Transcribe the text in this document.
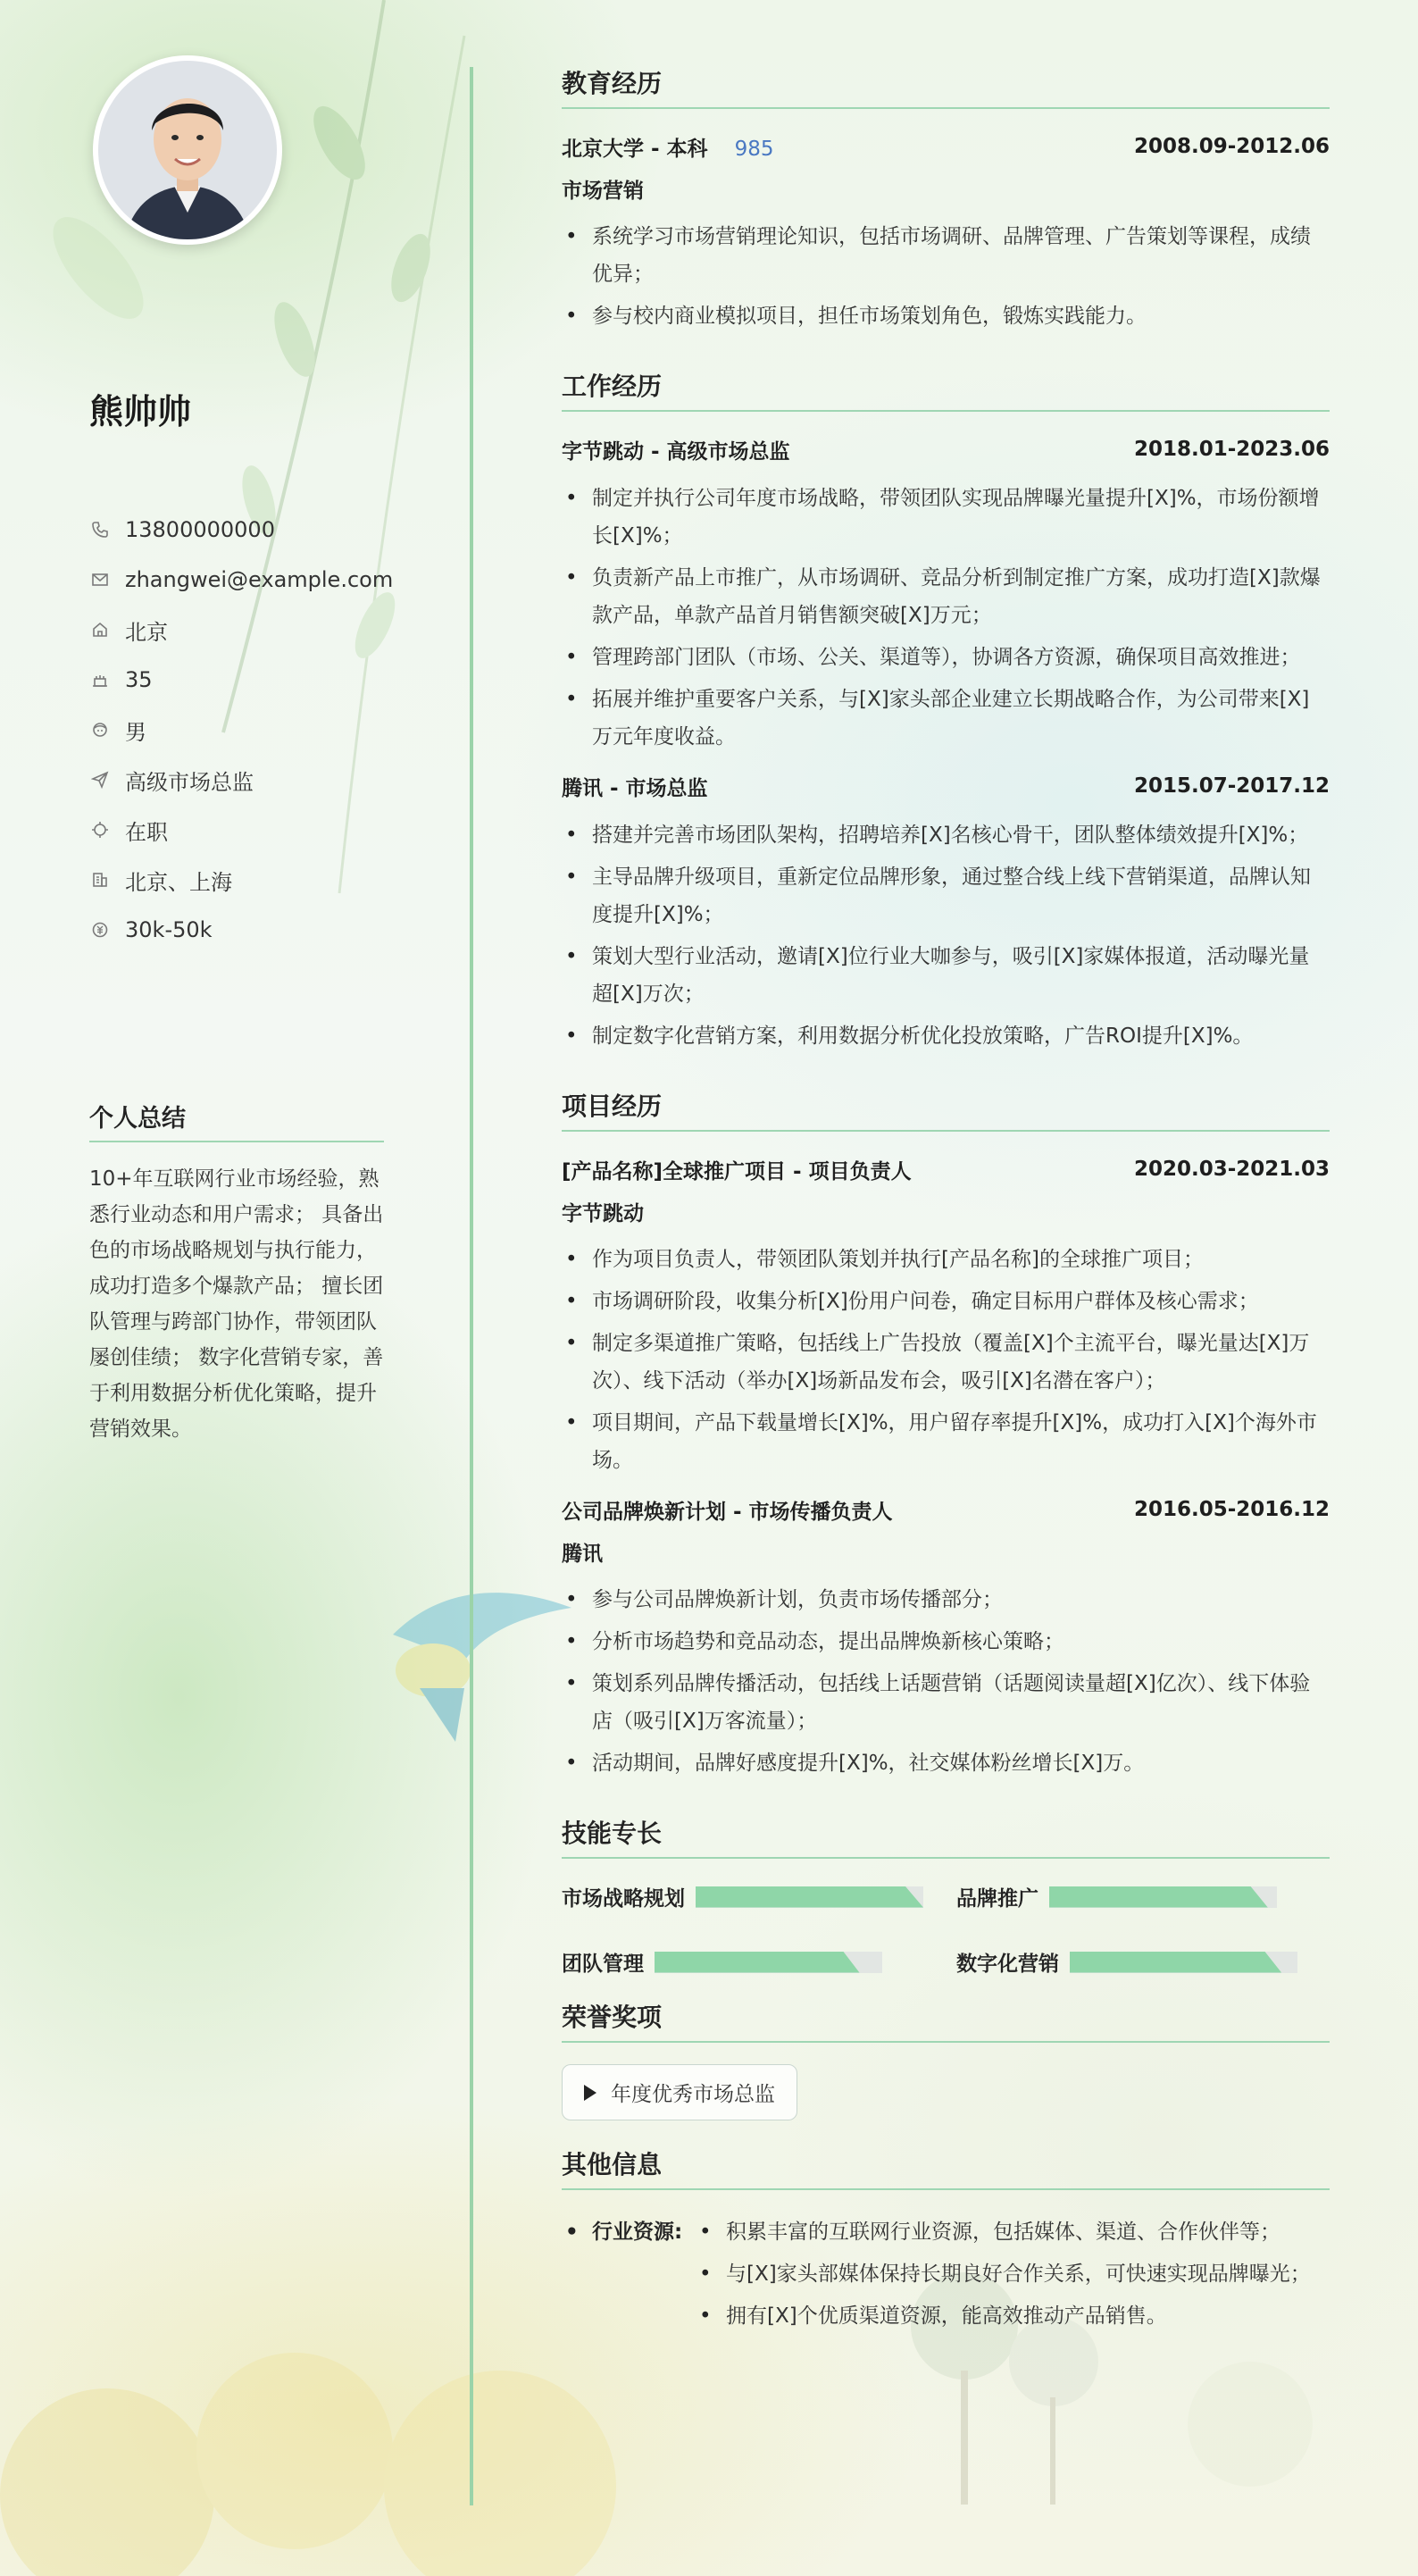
熊帅帅
13800000000
zhangwei@example.com
北京
35
男
高级市场总监
在职
北京、上海
30k-50k
个人总结
10+年互联网行业市场经验，熟悉行业动态和用户需求； 具备出色的市场战略规划与执行能力，成功打造多个爆款产品； 擅长团队管理与跨部门协作，带领团队屡创佳绩； 数字化营销专家，善于利用数据分析优化策略，提升营销效果。
教育经历
北京大学 - 本科 985	2008.09-2012.06
市场营销
• 系统学习市场营销理论知识，包括市场调研、品牌管理、广告策划等课程，成绩优异；
• 参与校内商业模拟项目，担任市场策划角色，锻炼实践能力。
工作经历
字节跳动 - 高级市场总监	2018.01-2023.06
• 制定并执行公司年度市场战略，带领团队实现品牌曝光量提升[X]%，市场份额增长[X]%；
• 负责新产品上市推广，从市场调研、竞品分析到制定推广方案，成功打造[X]款爆款产品，单款产品首月销售额突破[X]万元；
• 管理跨部门团队（市场、公关、渠道等），协调各方资源，确保项目高效推进；
• 拓展并维护重要客户关系，与[X]家头部企业建立长期战略合作，为公司带来[X]万元年度收益。
腾讯 - 市场总监	2015.07-2017.12
• 搭建并完善市场团队架构，招聘培养[X]名核心骨干，团队整体绩效提升[X]%；
• 主导品牌升级项目，重新定位品牌形象，通过整合线上线下营销渠道，品牌认知度提升[X]%；
• 策划大型行业活动，邀请[X]位行业大咖参与，吸引[X]家媒体报道，活动曝光量超[X]万次；
• 制定数字化营销方案，利用数据分析优化投放策略，广告ROI提升[X]%。
项目经历
[产品名称]全球推广项目 - 项目负责人	2020.03-2021.03
字节跳动
• 作为项目负责人，带领团队策划并执行[产品名称]的全球推广项目；
• 市场调研阶段，收集分析[X]份用户问卷，确定目标用户群体及核心需求；
• 制定多渠道推广策略，包括线上广告投放（覆盖[X]个主流平台，曝光量达[X]万次）、线下活动（举办[X]场新品发布会，吸引[X]名潜在客户）；
• 项目期间，产品下载量增长[X]%，用户留存率提升[X]%，成功打入[X]个海外市场。
公司品牌焕新计划 - 市场传播负责人	2016.05-2016.12
腾讯
• 参与公司品牌焕新计划，负责市场传播部分；
• 分析市场趋势和竞品动态，提出品牌焕新核心策略；
• 策划系列品牌传播活动，包括线上话题营销（话题阅读量超[X]亿次）、线下体验店（吸引[X]万客流量）；
• 活动期间，品牌好感度提升[X]%，社交媒体粉丝增长[X]万。
技能专长
市场战略规划	品牌推广
团队管理	数字化营销
荣誉奖项
年度优秀市场总监
其他信息
• 行业资源:
•	积累丰富的互联网行业资源，包括媒体、渠道、合作伙伴等；
• 与[X]家头部媒体保持长期良好合作关系，可快速实现品牌曝光；
• 拥有[X]个优质渠道资源，能高效推动产品销售。
